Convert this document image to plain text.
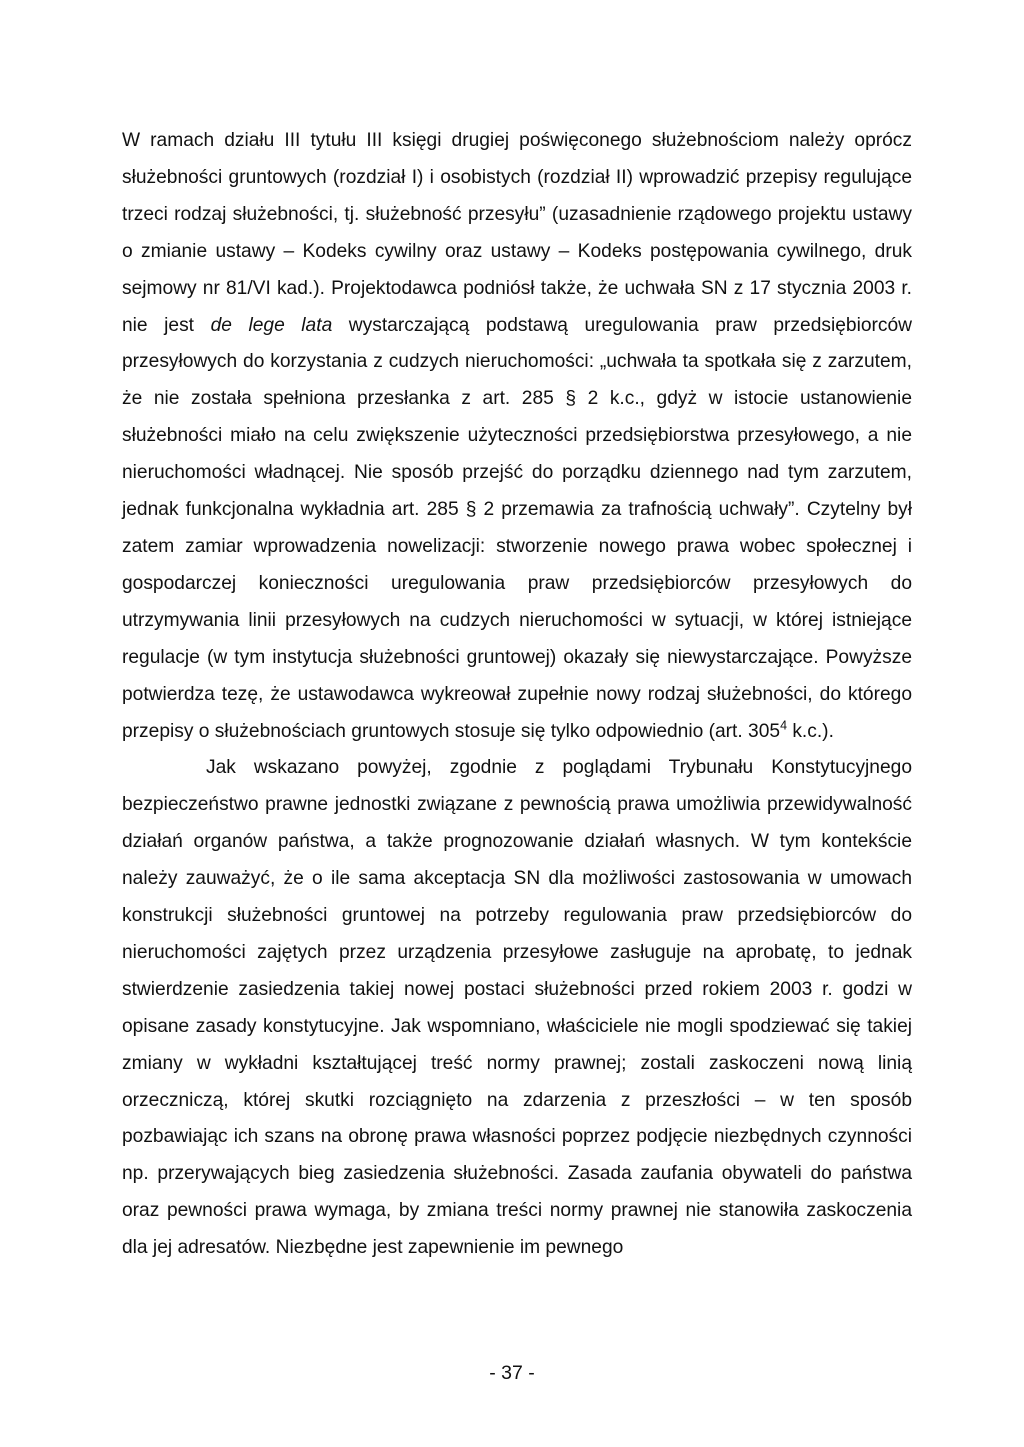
W ramach działu III tytułu III księgi drugiej poświęconego służebnościom należy oprócz służebności gruntowych (rozdział I) i osobistych (rozdział II) wprowadzić przepisy regulujące trzeci rodzaj służebności, tj. służebność przesyłu” (uzasadnienie rządowego projektu ustawy o zmianie ustawy – Kodeks cywilny oraz ustawy – Kodeks postępowania cywilnego, druk sejmowy nr 81/VI kad.). Projektodawca podniósł także, że uchwała SN z 17 stycznia 2003 r. nie jest de lege lata wystarczającą podstawą uregulowania praw przedsiębiorców przesyłowych do korzystania z cudzych nieruchomości: „uchwała ta spotkała się z zarzutem, że nie została spełniona przesłanka z art. 285 § 2 k.c., gdyż w istocie ustanowienie służebności miało na celu zwiększenie użyteczności przedsiębiorstwa przesyłowego, a nie nieruchomości władnącej. Nie sposób przejść do porządku dziennego nad tym zarzutem, jednak funkcjonalna wykładnia art. 285 § 2 przemawia za trafnością uchwały”. Czytelny był zatem zamiar wprowadzenia nowelizacji: stworzenie nowego prawa wobec społecznej i gospodarczej konieczności uregulowania praw przedsiębiorców przesyłowych do utrzymywania linii przesyłowych na cudzych nieruchomości w sytuacji, w której istniejące regulacje (w tym instytucja służebności gruntowej) okazały się niewystarczające. Powyższe potwierdza tezę, że ustawodawca wykreował zupełnie nowy rodzaj służebności, do którego przepisy o służebnościach gruntowych stosuje się tylko odpowiednio (art. $305^4$ k.c.).

Jak wskazano powyżej, zgodnie z poglądami Trybunału Konstytucyjnego bezpieczeństwo prawne jednostki związane z pewnością prawa umożliwia przewidywalność działań organów państwa, a także prognozowanie działań własnych. W tym kontekście należy zauważyć, że o ile sama akceptacja SN dla możliwości zastosowania w umowach konstrukcji służebności gruntowej na potrzeby regulowania praw przedsiębiorców do nieruchomości zajętych przez urządzenia przesyłowe zasługuje na aprobatę, to jednak stwierdzenie zasiedzenia takiej nowej postaci służebności przed rokiem 2003 r. godzi w opisane zasady konstytucyjne. Jak wspomniano, właściciele nie mogli spodziewać się takiej zmiany w wykładni kształtującej treść normy prawnej; zostali zaskoczeni nową linią orzeczniczą, której skutki rozciągnięto na zdarzenia z przeszłości – w ten sposób pozbawiając ich szans na obronę prawa własności poprzez podjęcie niezbędnych czynności np. przerywających bieg zasiedzenia służebności. Zasada zaufania obywateli do państwa oraz pewności prawa wymaga, by zmiana treści normy prawnej nie stanowiła zaskoczenia dla jej adresatów. Niezbędne jest zapewnienie im pewnego

- 37 -
